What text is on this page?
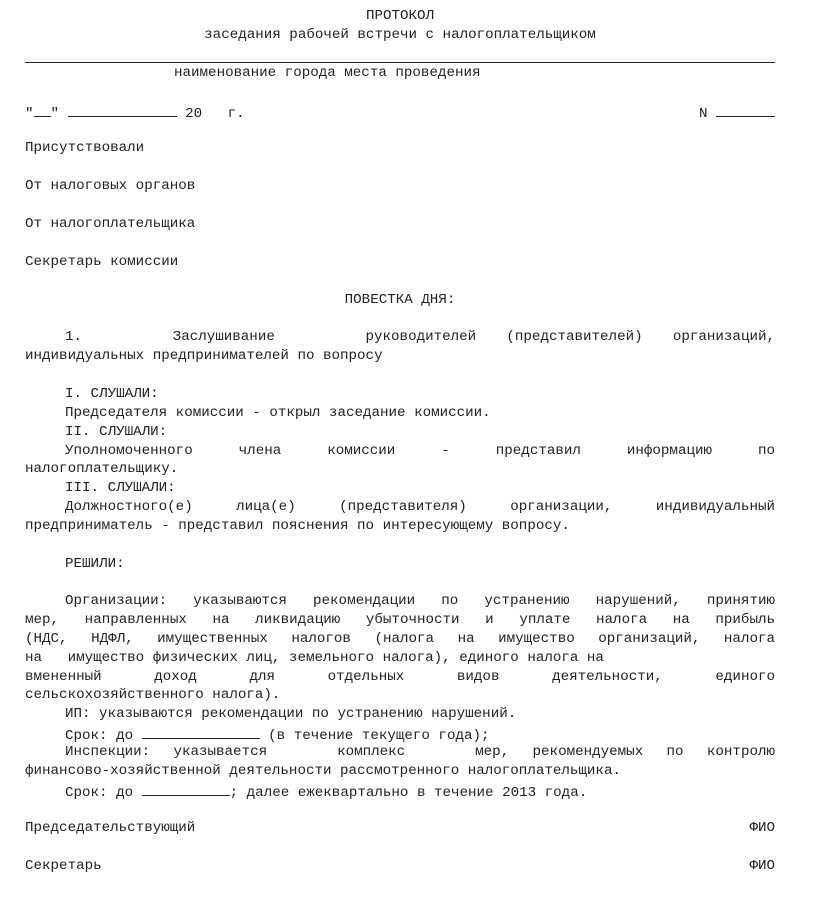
ПРОТОКОЛ
заседания рабочей встречи с налогоплательщиком
наименование города места проведения
" "	20 г.	N
Присутствовали
От налоговых органов
От налогоплательщика
Секретарь комиссии
ПОВЕСТКА ДНЯ:
1.   Заслушивание   руководителей (представителей) организаций,
индивидуальных предпринимателей по вопросу
I. СЛУШАЛИ:
Председателя комиссии - открыл заседание комиссии.
II. СЛУШАЛИ:
Уполномоченного члена комиссии - представил информацию по
налогоплательщику.
III. СЛУШАЛИ:
Должностного(е) лица(е) (представителя) организации, индивидуальный
предприниматель - представил пояснения по интересующему вопросу.
РЕШИЛИ:
Организации: указываются рекомендации по устранению нарушений, принятию
мер, направленных на ликвидацию убыточности и уплате налога на прибыль
(НДС, НДФЛ, имущественных налогов (налога на имущество организаций, налога
на   имущество физических лиц, земельного налога), единого налога на
вмененный доход для отдельных видов деятельности, единого
сельскохозяйственного налога).
ИП: указываются рекомендации по устранению нарушений.
Срок: до	(в течение текущего года);
Инспекции: указывается   комплекс   мер, рекомендуемых по контролю
финансово-хозяйственной деятельности рассмотренного налогоплательщика.
Срок: до	; далее ежеквартально в течение 2013 года.
Председательствующий	ФИО
Секретарь	ФИО
